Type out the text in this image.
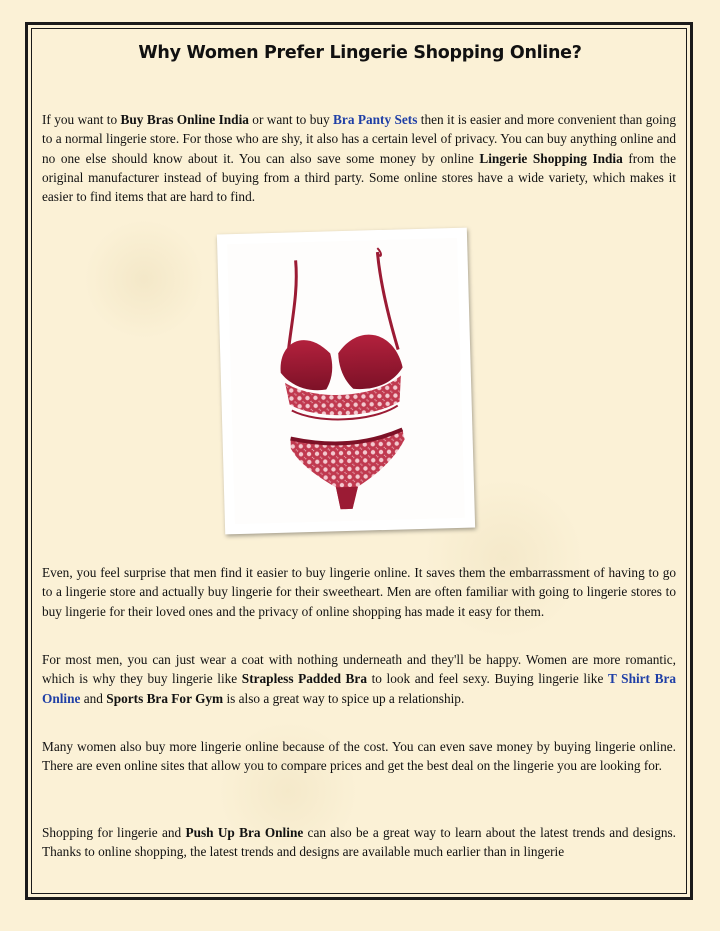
Why Women Prefer Lingerie Shopping Online?

If you want to Buy Bras Online India or want to buy Bra Panty Sets then it is easier and more convenient than going to a normal lingerie store. For those who are shy, it also has a certain level of privacy. You can buy anything online and no one else should know about it. You can also save some money by online Lingerie Shopping India from the original manufacturer instead of buying from a third party. Some online stores have a wide variety, which makes it easier to find items that are hard to find.

Even, you feel surprise that men find it easier to buy lingerie online. It saves them the embarrassment of having to go to a lingerie store and actually buy lingerie for their sweetheart. Men are often familiar with going to lingerie stores to buy lingerie for their loved ones and the privacy of online shopping has made it easy for them.

For most men, you can just wear a coat with nothing underneath and they'll be happy. Women are more romantic, which is why they buy lingerie like Strapless Padded Bra to look and feel sexy. Buying lingerie like T Shirt Bra Online and Sports Bra For Gym is also a great way to spice up a relationship.

Many women also buy more lingerie online because of the cost. You can even save money by buying lingerie online. There are even online sites that allow you to compare prices and get the best deal on the lingerie you are looking for.

Shopping for lingerie and Push Up Bra Online can also be a great way to learn about the latest trends and designs. Thanks to online shopping, the latest trends and designs are available much earlier than in lingerie
